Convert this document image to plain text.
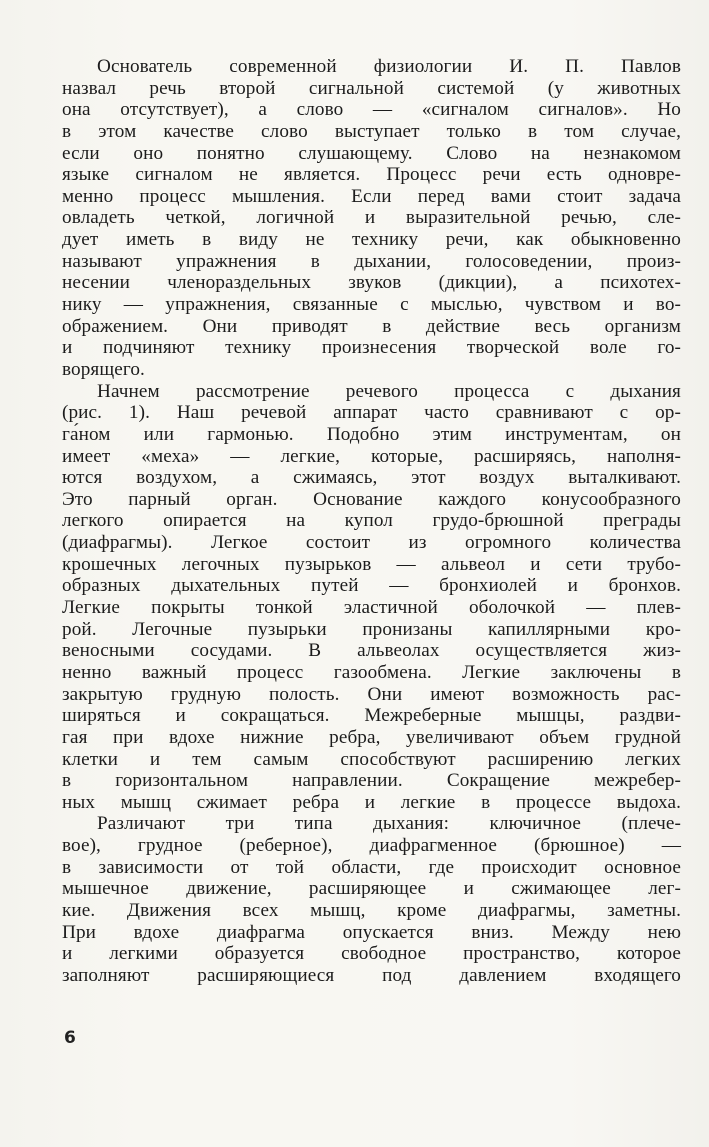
Основатель современной физиологии И. П. Павлов
назвал речь второй сигнальной системой (у животных
она отсутствует), а слово — «сигналом сигналов». Но
в этом качестве слово выступает только в том случае,
если оно понятно слушающему. Слово на незнакомом
языке сигналом не является. Процесс речи есть одновре-
менно процесс мышления. Если перед вами стоит задача
овладеть четкой, логичной и выразительной речью, сле-
дует иметь в виду не технику речи, как обыкновенно
называют упражнения в дыхании, голосоведении, произ-
несении членораздельных звуков (дикции), а психотех-
нику — упражнения, связанные с мыслью, чувством и во-
ображением. Они приводят в действие весь организм
и подчиняют технику произнесения творческой воле го-
ворящего.
Начнем рассмотрение речевого процесса с дыхания
(рис. 1). Наш речевой аппарат часто сравнивают с ор-
га́ном или гармонью. Подобно этим инструментам, он
имеет «меха» — легкие, которые, расширяясь, наполня-
ются воздухом, а сжимаясь, этот воздух выталкивают.
Это парный орган. Основание каждого конусообразного
легкого опирается на купол грудо-брюшной преграды
(диафрагмы). Легкое состоит из огромного количества
крошечных легочных пузырьков — альвеол и сети трубо-
образных дыхательных путей — бронхиолей и бронхов.
Легкие покрыты тонкой эластичной оболочкой — плев-
рой. Легочные пузырьки пронизаны капиллярными кро-
веносными сосудами. В альвеолах осуществляется жиз-
ненно важный процесс газообмена. Легкие заключены в
закрытую грудную полость. Они имеют возможность рас-
ширяться и сокращаться. Межреберные мышцы, раздви-
гая при вдохе нижние ребра, увеличивают объем грудной
клетки и тем самым способствуют расширению легких
в горизонтальном направлении. Сокращение межребер-
ных мышц сжимает ребра и легкие в процессе выдоха.
Различают три типа дыхания: ключичное (плече-
вое), грудное (реберное), диафрагменное (брюшное) —
в зависимости от той области, где происходит основное
мышечное движение, расширяющее и сжимающее лег-
кие. Движения всех мышц, кроме диафрагмы, заметны.
При вдохе диафрагма опускается вниз. Между нею
и легкими образуется свободное пространство, которое
заполняют расширяющиеся под давлением входящего
6
